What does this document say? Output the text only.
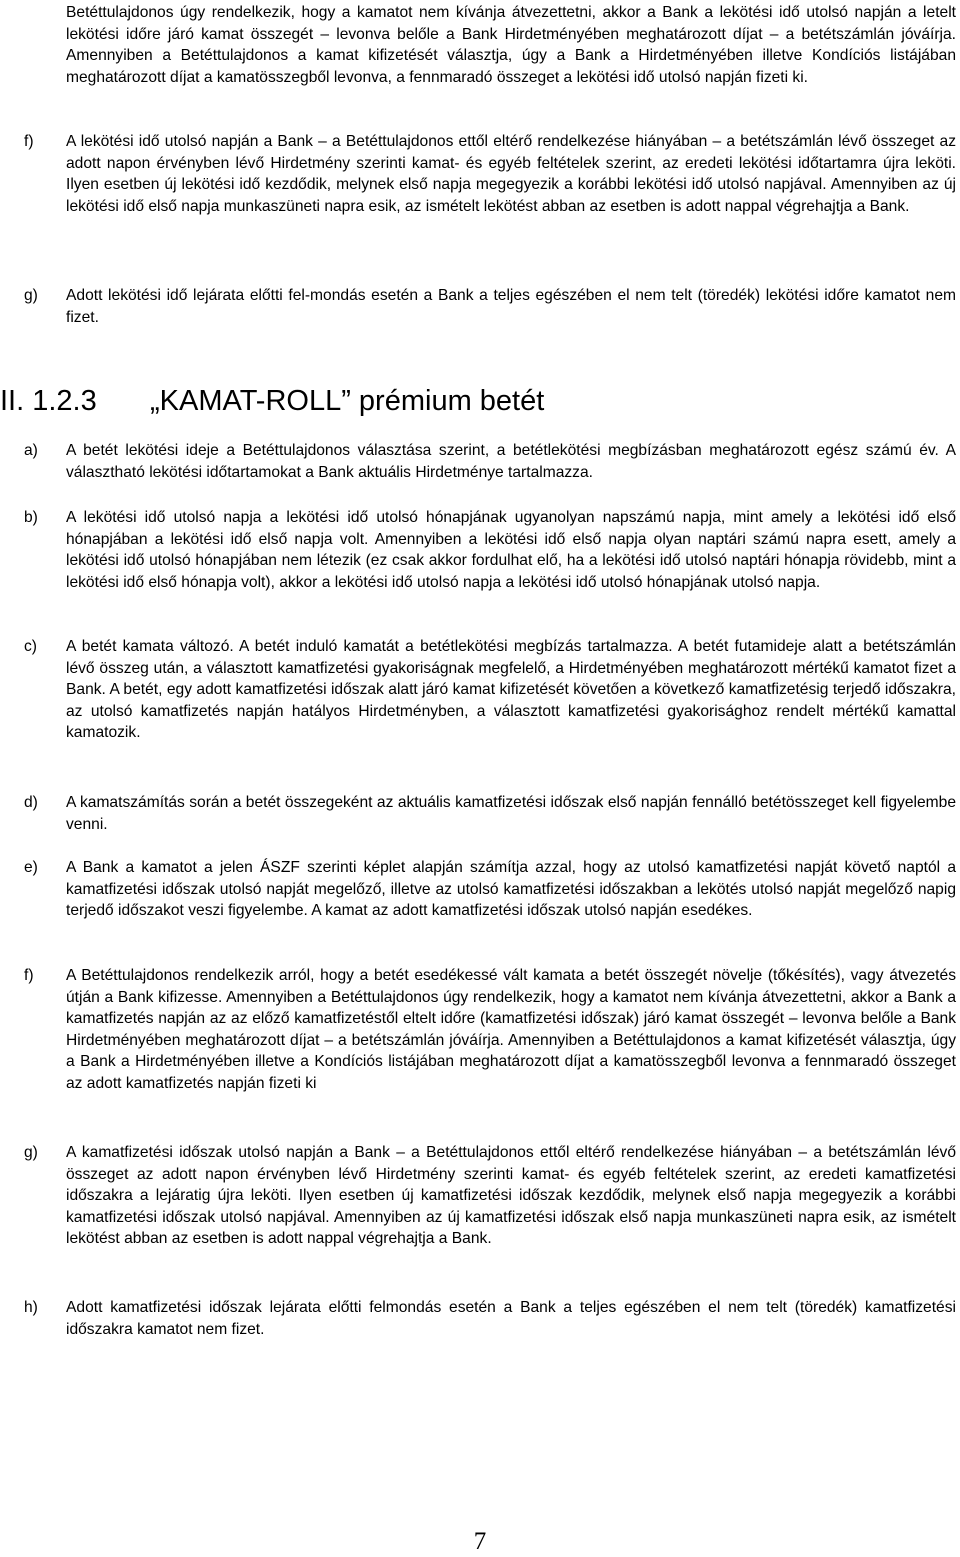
Betéttulajdonos úgy rendelkezik, hogy a kamatot nem kívánja átvezettetni, akkor a Bank a lekötési idő utolsó napján a letelt lekötési időre járó kamat összegét – levonva belőle a Bank Hirdetményében meghatározott díjat – a betétszámlán jóváírja. Amennyiben a Betéttulajdonos a kamat kifizetését választja, úgy a Bank a Hirdetményében illetve Kondíciós listájában meghatározott díjat a kamatösszegből levonva, a fennmaradó összeget a lekötési idő utolsó napján fizeti ki.
f) A lekötési idő utolsó napján a Bank – a Betéttulajdonos ettől eltérő rendelkezése hiányában – a betétszámlán lévő összeget az adott napon érvényben lévő Hirdetmény szerinti kamat- és egyéb feltételek szerint, az eredeti lekötési időtartamra újra leköti. Ilyen esetben új lekötési idő kezdődik, melynek első napja megegyezik a korábbi lekötési idő utolsó napjával. Amennyiben az új lekötési idő első napja munkaszüneti napra esik, az ismételt lekötést abban az esetben is adott nappal végrehajtja a Bank.
g) Adott lekötési idő lejárata előtti fel-mondás esetén a Bank a teljes egészében el nem telt (töredék) lekötési időre kamatot nem fizet.
II. 1.2.3 „KAMAT-ROLL” prémium betét
a) A betét lekötési ideje a Betéttulajdonos választása szerint, a betétlekötési megbízásban meghatározott egész számú év. A választható lekötési időtartamokat a Bank aktuális Hirdetménye tartalmazza.
b) A lekötési idő utolsó napja a lekötési idő utolsó hónapjának ugyanolyan napszámú napja, mint amely a lekötési idő első hónapjában a lekötési idő első napja volt. Amennyiben a lekötési idő első napja olyan naptári számú napra esett, amely a lekötési idő utolsó hónapjában nem létezik (ez csak akkor fordulhat elő, ha a lekötési idő utolsó naptári hónapja rövidebb, mint a lekötési idő első hónapja volt), akkor a lekötési idő utolsó napja a lekötési idő utolsó hónapjának utolsó napja.
c) A betét kamata változó. A betét induló kamatát a betétlekötési megbízás tartalmazza. A betét futamideje alatt a betétszámlán lévő összeg után, a választott kamatfizetési gyakoriságnak megfelelő, a Hirdetményében meghatározott mértékű kamatot fizet a Bank. A betét, egy adott kamatfizetési időszak alatt járó kamat kifizetését követően a következő kamatfizetésig terjedő időszakra, az utolsó kamatfizetés napján hatályos Hirdetményben, a választott kamatfizetési gyakorisághoz rendelt mértékű kamattal kamatozik.
d) A kamatszámítás során a betét összegeként az aktuális kamatfizetési időszak első napján fennálló betétösszeget kell figyelembe venni.
e) A Bank a kamatot a jelen ÁSZF szerinti képlet alapján számítja azzal, hogy az utolsó kamatfizetési napját követő naptól a kamatfizetési időszak utolsó napját megelőző, illetve az utolsó kamatfizetési időszakban a lekötés utolsó napját megelőző napig terjedő időszakot veszi figyelembe. A kamat az adott kamatfizetési időszak utolsó napján esedékes.
f) A Betéttulajdonos rendelkezik arról, hogy a betét esedékessé vált kamata a betét összegét növelje (tőkésítés), vagy átvezetés útján a Bank kifizesse. Amennyiben a Betéttulajdonos úgy rendelkezik, hogy a kamatot nem kívánja átvezettetni, akkor a Bank a kamatfizetés napján az az előző kamatfizetéstől eltelt időre (kamatfizetési időszak) járó kamat összegét – levonva belőle a Bank Hirdetményében meghatározott díjat – a betétszámlán jóváírja. Amennyiben a Betéttulajdonos a kamat kifizetését választja, úgy a Bank a Hirdetményében illetve a Kondíciós listájában meghatározott díjat a kamatösszegből levonva a fennmaradó összeget az adott kamatfizetés napján fizeti ki
g) A kamatfizetési időszak utolsó napján a Bank – a Betéttulajdonos ettől eltérő rendelkezése hiányában – a betétszámlán lévő összeget az adott napon érvényben lévő Hirdetmény szerinti kamat- és egyéb feltételek szerint, az eredeti kamatfizetési időszakra a lejáratig újra leköti. Ilyen esetben új kamatfizetési időszak kezdődik, melynek első napja megegyezik a korábbi kamatfizetési időszak utolsó napjával. Amennyiben az új kamatfizetési időszak első napja munkaszüneti napra esik, az ismételt lekötést abban az esetben is adott nappal végrehajtja a Bank.
h) Adott kamatfizetési időszak lejárata előtti felmondás esetén a Bank a teljes egészében el nem telt (töredék) kamatfizetési időszakra kamatot nem fizet.
7
